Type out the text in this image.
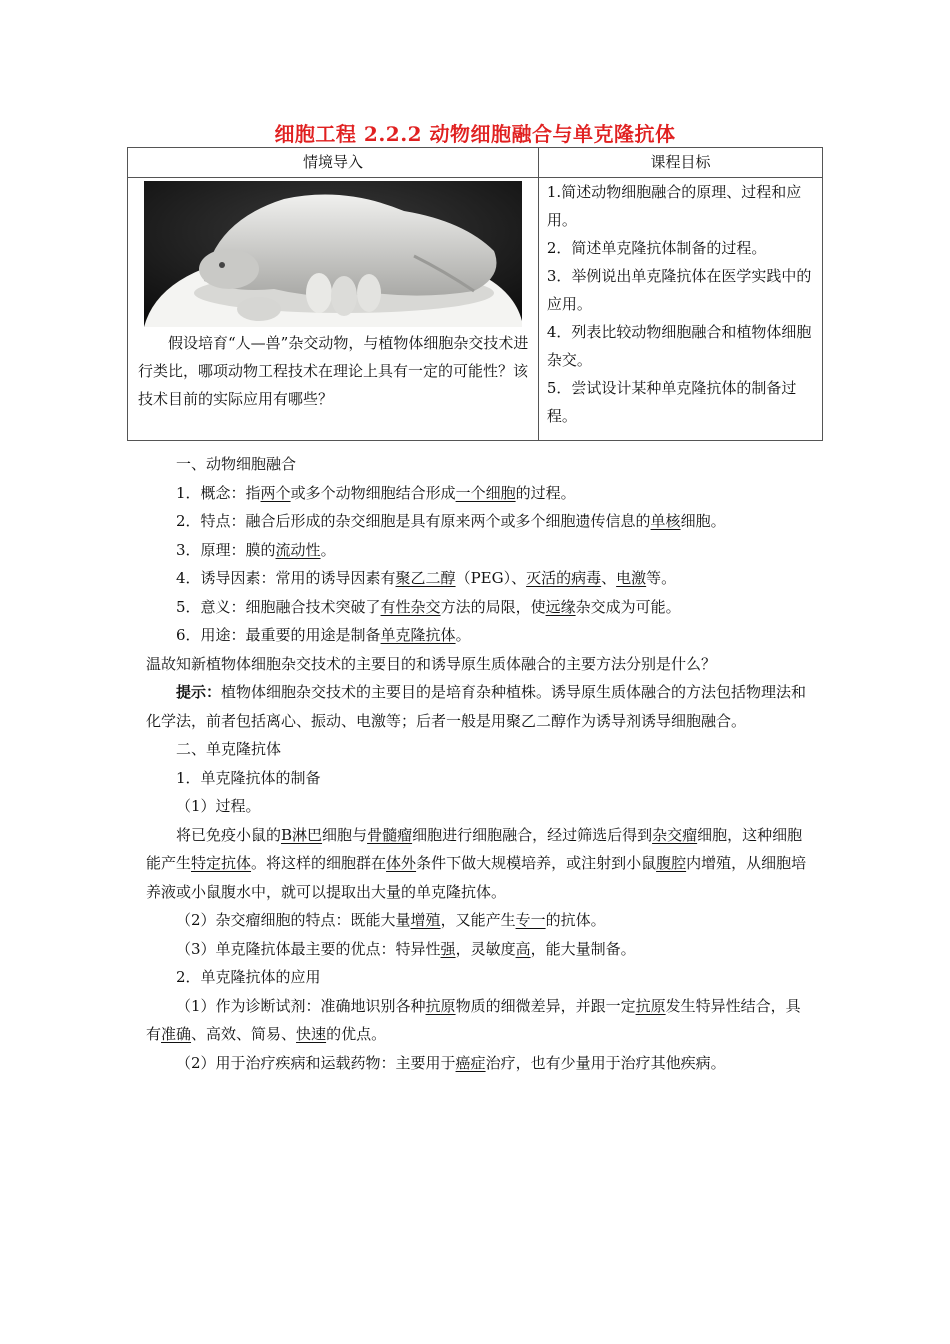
细胞工程 2.2.2 动物细胞融合与单克隆抗体
情境导入	课程目标

假设培育“人—兽”杂交动物，与植物体细胞杂交技术进行类比，哪项动物工程技术在理论上具有一定的可能性？该技术目前的实际应用有哪些？	1.简述动物细胞融合的原理、过程和应用。

2．简述单克隆抗体制备的过程。

3．举例说出单克隆抗体在医学实践中的应用。

4．列表比较动物细胞融合和植物体细胞杂交。

5．尝试设计某种单克隆抗体的制备过程。

一、动物细胞融合

1．概念：指两个或多个动物细胞结合形成一个细胞的过程。

2．特点：融合后形成的杂交细胞是具有原来两个或多个细胞遗传信息的单核细胞。

3．原理：膜的流动性。

4．诱导因素：常用的诱导因素有聚乙二醇（PEG）、灭活的病毒、电激等。

5．意义：细胞融合技术突破了有性杂交方法的局限，使远缘杂交成为可能。

6．用途：最重要的用途是制备单克隆抗体。

温故知新植物体细胞杂交技术的主要目的和诱导原生质体融合的主要方法分别是什么？

提示：植物体细胞杂交技术的主要目的是培育杂种植株。诱导原生质体融合的方法包括物理法和化学法，前者包括离心、振动、电激等；后者一般是用聚乙二醇作为诱导剂诱导细胞融合。

二、单克隆抗体

1．单克隆抗体的制备

（1）过程。

将已免疫小鼠的B淋巴细胞与骨髓瘤细胞进行细胞融合，经过筛选后得到杂交瘤细胞，这种细胞能产生特定抗体。将这样的细胞群在体外条件下做大规模培养，或注射到小鼠腹腔内增殖，从细胞培养液或小鼠腹水中，就可以提取出大量的单克隆抗体。

（2）杂交瘤细胞的特点：既能大量增殖，又能产生专一的抗体。

（3）单克隆抗体最主要的优点：特异性强，灵敏度高，能大量制备。

2．单克隆抗体的应用

（1）作为诊断试剂：准确地识别各种抗原物质的细微差异，并跟一定抗原发生特异性结合，具有准确、高效、简易、快速的优点。

（2）用于治疗疾病和运载药物：主要用于癌症治疗，也有少量用于治疗其他疾病。
